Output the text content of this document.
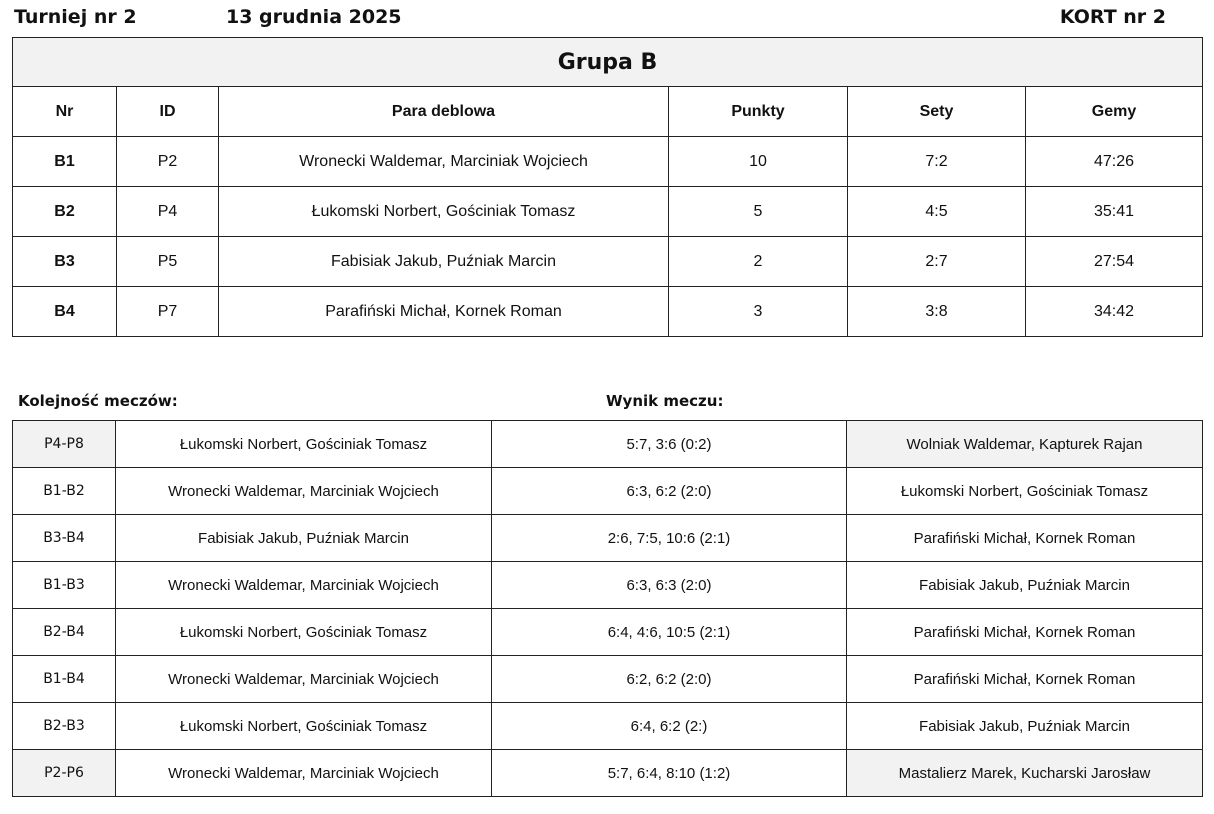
Turniej nr 2	13 grudnia 2025	KORT nr 2
Grupa B					
Nr	ID	Para deblowa	Punkty	Sety	Gemy
B1	P2	Wronecki Waldemar, Marciniak Wojciech	10	7:2	47:26
B2	P4	Łukomski Norbert, Gościniak Tomasz	5	4:5	35:41
B3	P5	Fabisiak Jakub, Puźniak Marcin	2	2:7	27:54
B4	P7	Parafiński Michał, Kornek Roman	3	3:8	34:42
Kolejność meczów:	Wynik meczu:
P4-P8	Łukomski Norbert, Gościniak Tomasz	5:7, 3:6 (0:2)	Wolniak Waldemar, Kapturek Rajan
B1-B2	Wronecki Waldemar, Marciniak Wojciech	6:3, 6:2 (2:0)	Łukomski Norbert, Gościniak Tomasz
B3-B4	Fabisiak Jakub, Puźniak Marcin	2:6, 7:5, 10:6 (2:1)	Parafiński Michał, Kornek Roman
B1-B3	Wronecki Waldemar, Marciniak Wojciech	6:3, 6:3 (2:0)	Fabisiak Jakub, Puźniak Marcin
B2-B4	Łukomski Norbert, Gościniak Tomasz	6:4, 4:6, 10:5 (2:1)	Parafiński Michał, Kornek Roman
B1-B4	Wronecki Waldemar, Marciniak Wojciech	6:2, 6:2 (2:0)	Parafiński Michał, Kornek Roman
B2-B3	Łukomski Norbert, Gościniak Tomasz	6:4, 6:2 (2:)	Fabisiak Jakub, Puźniak Marcin
P2-P6	Wronecki Waldemar, Marciniak Wojciech	5:7, 6:4, 8:10 (1:2)	Mastalierz Marek, Kucharski Jarosław
